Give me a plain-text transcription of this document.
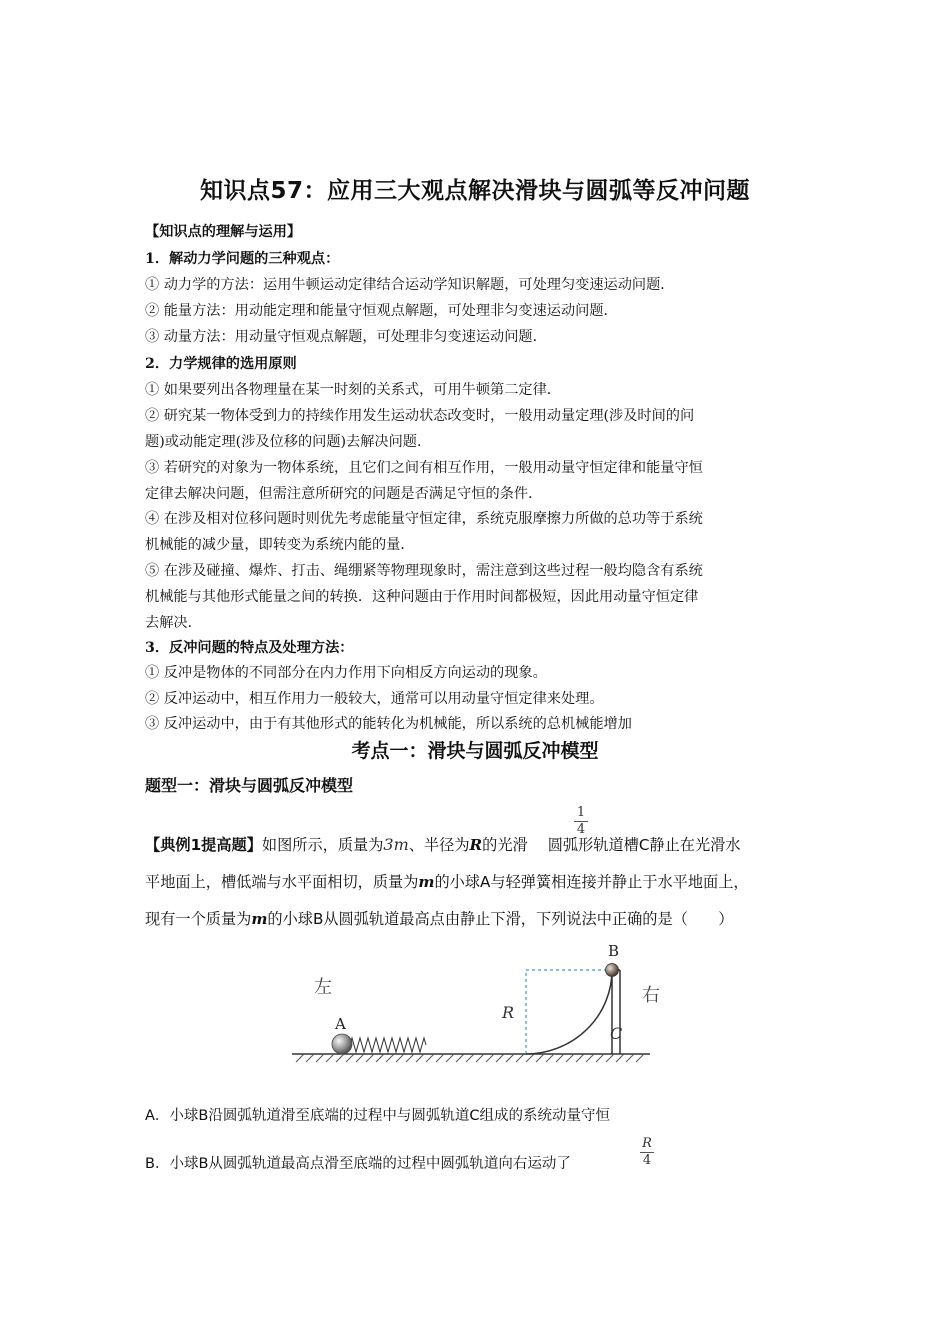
知识点57：应用三大观点解决滑块与圆弧等反冲问题
【知识点的理解与运用】
1．解动力学问题的三种观点：
① 动力学的方法：运用牛顿运动定律结合运动学知识解题，可处理匀变速运动问题．
② 能量方法：用动能定理和能量守恒观点解题，可处理非匀变速运动问题．
③ 动量方法：用动量守恒观点解题，可处理非匀变速运动问题．
2．力学规律的选用原则
① 如果要列出各物理量在某一时刻的关系式，可用牛顿第二定律．
② 研究某一物体受到力的持续作用发生运动状态改变时，一般用动量定理(涉及时间的问
题)或动能定理(涉及位移的问题)去解决问题．
③ 若研究的对象为一物体系统，且它们之间有相互作用，一般用动量守恒定律和能量守恒
定律去解决问题，但需注意所研究的问题是否满足守恒的条件．
④ 在涉及相对位移问题时则优先考虑能量守恒定律，系统克服摩擦力所做的总功等于系统
机械能的减少量，即转变为系统内能的量．
⑤ 在涉及碰撞、爆炸、打击、绳绷紧等物理现象时，需注意到这些过程一般均隐含有系统
机械能与其他形式能量之间的转换．这种问题由于作用时间都极短，因此用动量守恒定律
去解决．
3．反冲问题的特点及处理方法：
① 反冲是物体的不同部分在内力作用下向相反方向运动的现象。
② 反冲运动中，相互作用力一般较大，通常可以用动量守恒定律来处理。
③ 反冲运动中，由于有其他形式的能转化为机械能，所以系统的总机械能增加
考点一：滑块与圆弧反冲模型
题型一：滑块与圆弧反冲模型
【典例1提高题】如图所示，质量为3m、半径为R的光滑 圆弧形轨道槽C静止在光滑水
1
4
平地面上，槽低端与水平面相切，质量为m的小球A与轻弹簧相连接并静止于水平地面上，
现有一个质量为m的小球B从圆弧轨道最高点由静止下滑，下列说法中正确的是（　　）
A
B
R
C
左	右
A．小球B沿圆弧轨道滑至底端的过程中与圆弧轨道C组成的系统动量守恒
B．小球B从圆弧轨道最高点滑至底端的过程中圆弧轨道向右运动了
R
4
